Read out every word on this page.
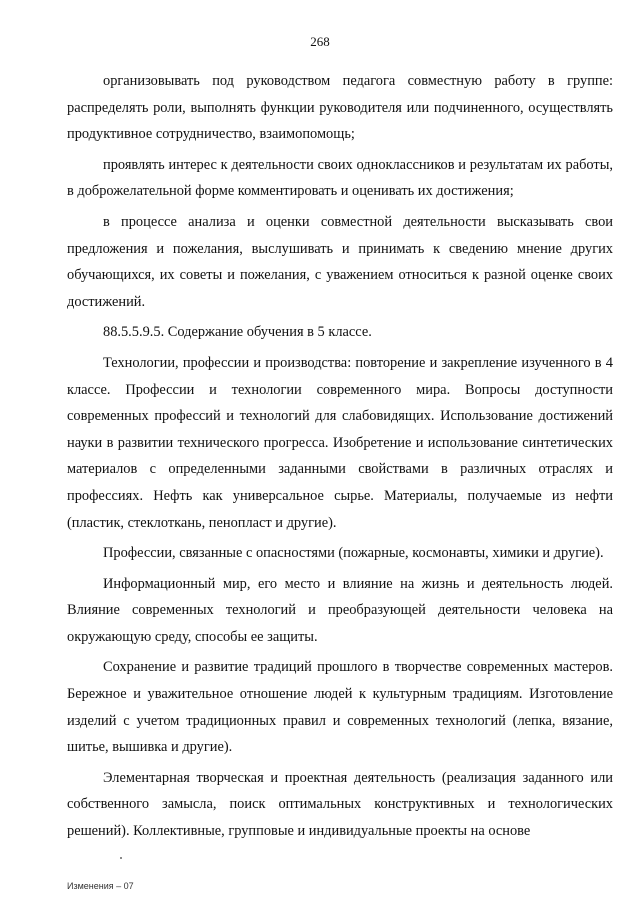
268

организовывать под руководством педагога совместную работу в группе: распределять роли, выполнять функции руководителя или подчиненного, осуществлять продуктивное сотрудничество, взаимопомощь;

проявлять интерес к деятельности своих одноклассников и результатам их работы, в доброжелательной форме комментировать и оценивать их достижения;

в процессе анализа и оценки совместной деятельности высказывать свои предложения и пожелания, выслушивать и принимать к сведению мнение других обучающихся, их советы и пожелания, с уважением относиться к разной оценке своих достижений.

88.5.5.9.5. Содержание обучения в 5 классе.

Технологии, профессии и производства: повторение и закрепление изученного в 4 классе. Профессии и технологии современного мира. Вопросы доступности современных профессий и технологий для слабовидящих. Использование достижений науки в развитии технического прогресса. Изобретение и использование синтетических материалов с определенными заданными свойствами в различных отраслях и профессиях. Нефть как универсальное сырье. Материалы, получаемые из нефти (пластик, стеклоткань, пенопласт и другие).

Профессии, связанные с опасностями (пожарные, космонавты, химики и другие).

Информационный мир, его место и влияние на жизнь и деятельность людей. Влияние современных технологий и преобразующей деятельности человека на окружающую среду, способы ее защиты.

Сохранение и развитие традиций прошлого в творчестве современных мастеров. Бережное и уважительное отношение людей к культурным традициям. Изготовление изделий с учетом традиционных правил и современных технологий (лепка, вязание, шитье, вышивка и другие).

Элементарная творческая и проектная деятельность (реализация заданного или собственного замысла, поиск оптимальных конструктивных и технологических решений). Коллективные, групповые и индивидуальные проекты на основе

Изменения – 07
